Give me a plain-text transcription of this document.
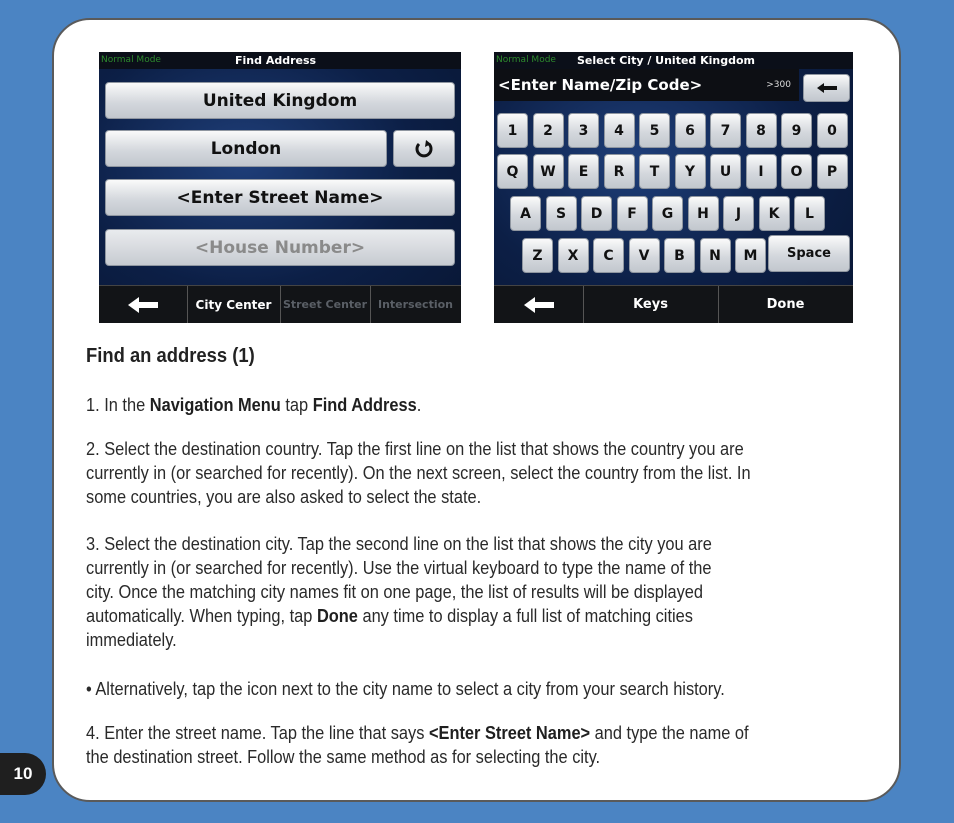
10
Normal Mode	Find Address
United Kingdom
London
<Enter Street Name>
<House Number>
City Center	Street Center Intersection
Normal Mode Select City / United Kingdom
<Enter Name/Zip Code>	>300
Space
Keys	Done
1	2	3	4	5	6	7	8	9	0
Q	W	E	R	T	Y	U	I	O	P
A	S	D	F	G	H	J	K	L
Z	X	C	V	B	N	M
Find an address (1)

1. In the Navigation Menu tap Find Address.

2. Select the destination country. Tap the first line on the list that shows the country you are
currently in (or searched for recently). On the next screen, select the country from the list. In
some countries, you are also asked to select the state.

3. Select the destination city. Tap the second line on the list that shows the city you are
currently in (or searched for recently). Use the virtual keyboard to type the name of the
city. Once the matching city names fit on one page, the list of results will be displayed
automatically. When typing, tap Done any time to display a full list of matching cities
immediately.

• Alternatively, tap the icon next to the city name to select a city from your search history.

4. Enter the street name. Tap the line that says <Enter Street Name> and type the name of
the destination street. Follow the same method as for selecting the city.
